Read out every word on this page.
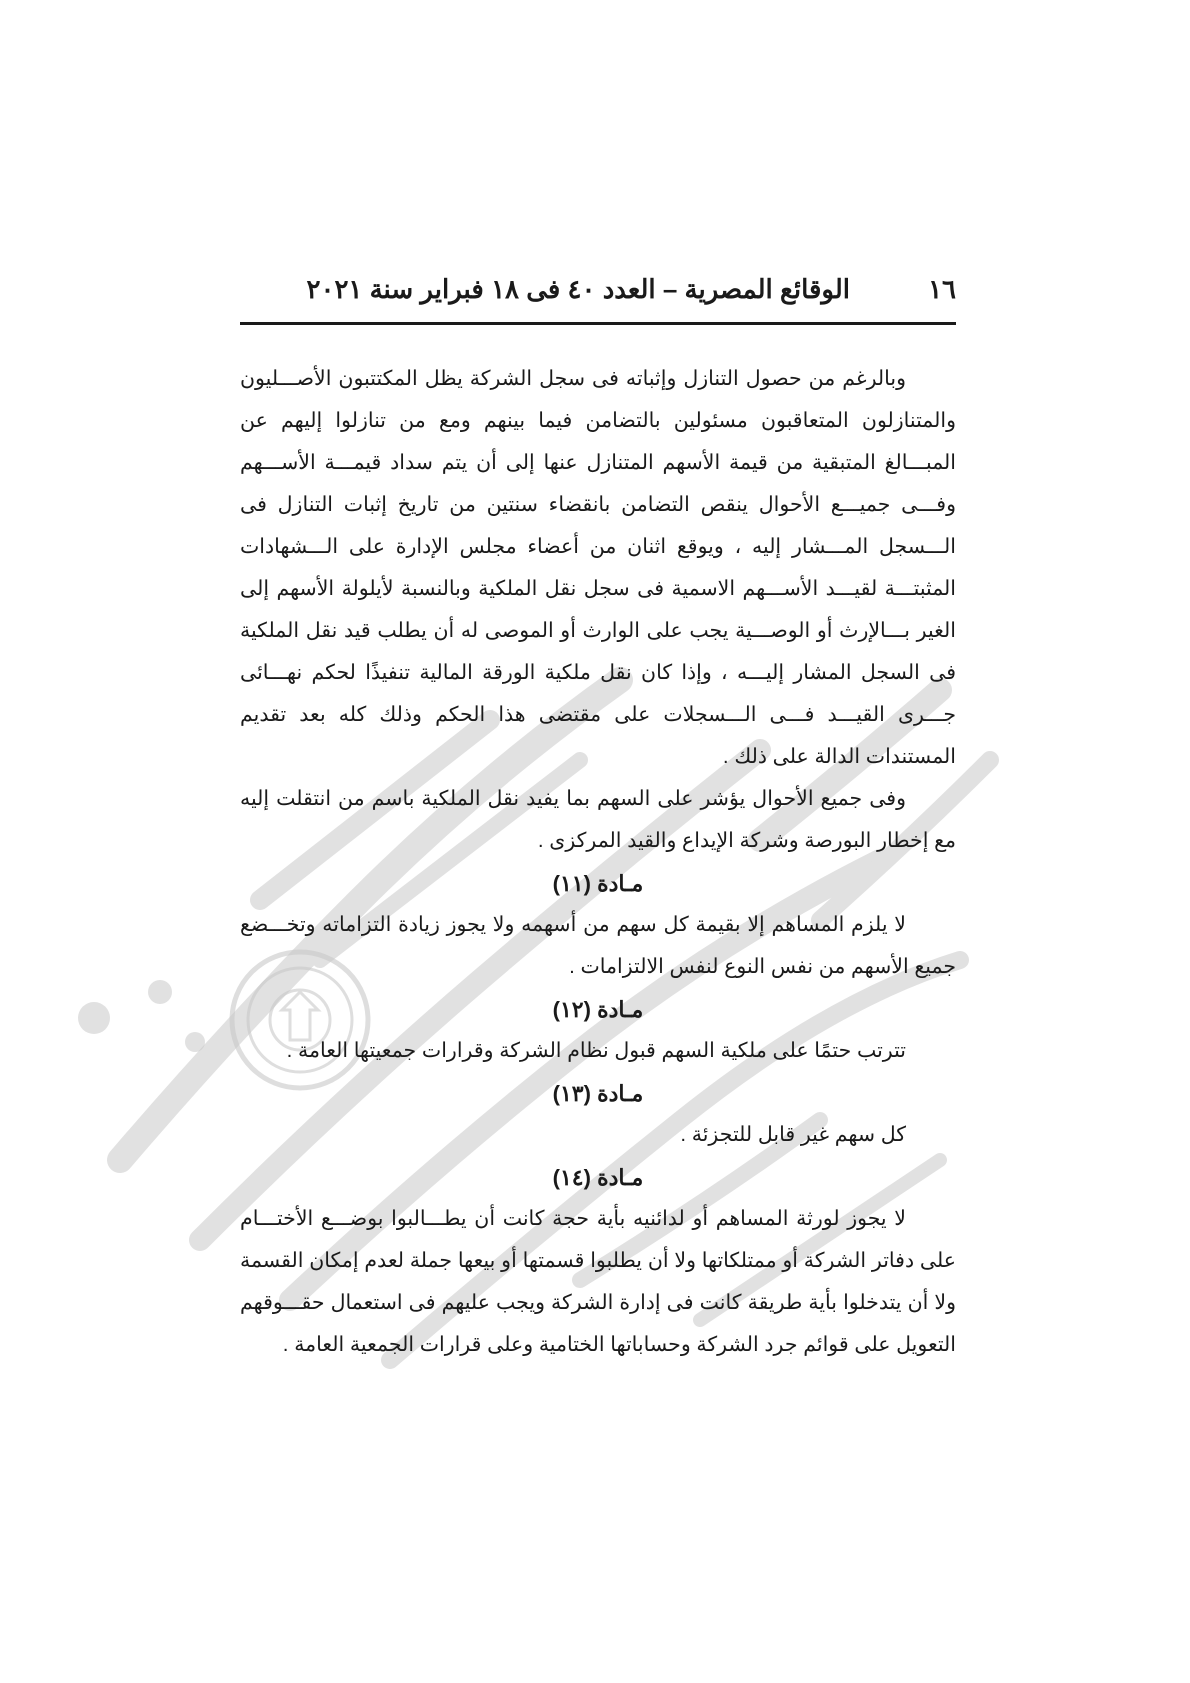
١٦
الوقائع المصرية – العدد ٤٠ فى ١٨ فبراير سنة ٢٠٢١

وبالرغم من حصول التنازل وإثباته فى سجل الشركة يظل المكتتبون الأصـــليون والمتنازلون المتعاقبون مسئولين بالتضامن فيما بينهم ومع من تنازلوا إليهم عن المبـــالغ المتبقية من قيمة الأسهم المتنازل عنها إلى أن يتم سداد قيمـــة الأســـهم وفـــى جميـــع الأحوال ينقص التضامن بانقضاء سنتين من تاريخ إثبات التنازل فى الـــسجل المـــشار إليه ، ويوقع اثنان من أعضاء مجلس الإدارة على الـــشهادات المثبتـــة لقيـــد الأســـهم الاسمية فى سجل نقل الملكية وبالنسبة لأيلولة الأسهم إلى الغير بـــالإرث أو الوصـــية يجب على الوارث أو الموصى له أن يطلب قيد نقل الملكية فى السجل المشار إليـــه ، وإذا كان نقل ملكية الورقة المالية تنفيذًا لحكم نهـــائى جـــرى القيـــد فـــى الـــسجلات على مقتضى هذا الحكم وذلك كله بعد تقديم المستندات الدالة على ذلك .

وفى جميع الأحوال يؤشر على السهم بما يفيد نقل الملكية باسم من انتقلت إليه مع إخطار البورصة وشركة الإيداع والقيد المركزى .

مـادة (١١)

لا يلزم المساهم إلا بقيمة كل سهم من أسهمه ولا يجوز زيادة التزاماته وتخـــضع جميع الأسهم من نفس النوع لنفس الالتزامات .

مـادة (١٢)

تترتب حتمًا على ملكية السهم قبول نظام الشركة وقرارات جمعيتها العامة .

مـادة (١٣)

كل سهم غير قابل للتجزئة .

مـادة (١٤)

لا يجوز لورثة المساهم أو لدائنيه بأية حجة كانت أن يطـــالبوا بوضـــع الأختـــام على دفاتر الشركة أو ممتلكاتها ولا أن يطلبوا قسمتها أو بيعها جملة لعدم إمكان القسمة ولا أن يتدخلوا بأية طريقة كانت فى إدارة الشركة ويجب عليهم فى استعمال حقـــوقهم التعويل على قوائم جرد الشركة وحساباتها الختامية وعلى قرارات الجمعية العامة .
